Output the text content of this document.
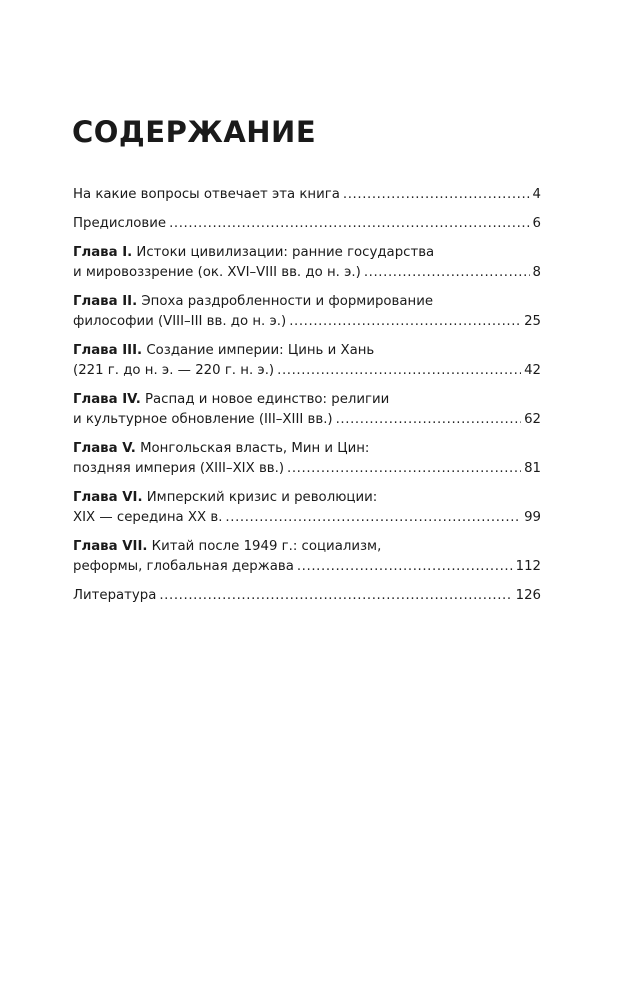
СОДЕРЖАНИЕ
На какие вопросы отвечает эта книга .....	4
Предисловие .....	6
Глава I. Истоки цивилизации: ранние государства
и мировоззрение (ок. XVI–VIII вв. до н. э.) .....	8
Глава II. Эпоха раздробленности и формирование
философии (VIII–III вв. до н. э.) .....	25
Глава III. Создание империи: Цинь и Хань
(221 г. до н. э. — 220 г. н. э.) .....	42
Глава IV. Распад и новое единство: религии
и культурное обновление (III–XIII вв.) .....	62
Глава V. Монгольская власть, Мин и Цин:
поздняя империя (XIII–XIX вв.) .....	81
Глава VI. Имперский кризис и революции:
XIX — середина XX в. .....	99
Глава VII. Китай после 1949 г.: социализм,
реформы, глобальная держава .....	112
Литература .....	126
